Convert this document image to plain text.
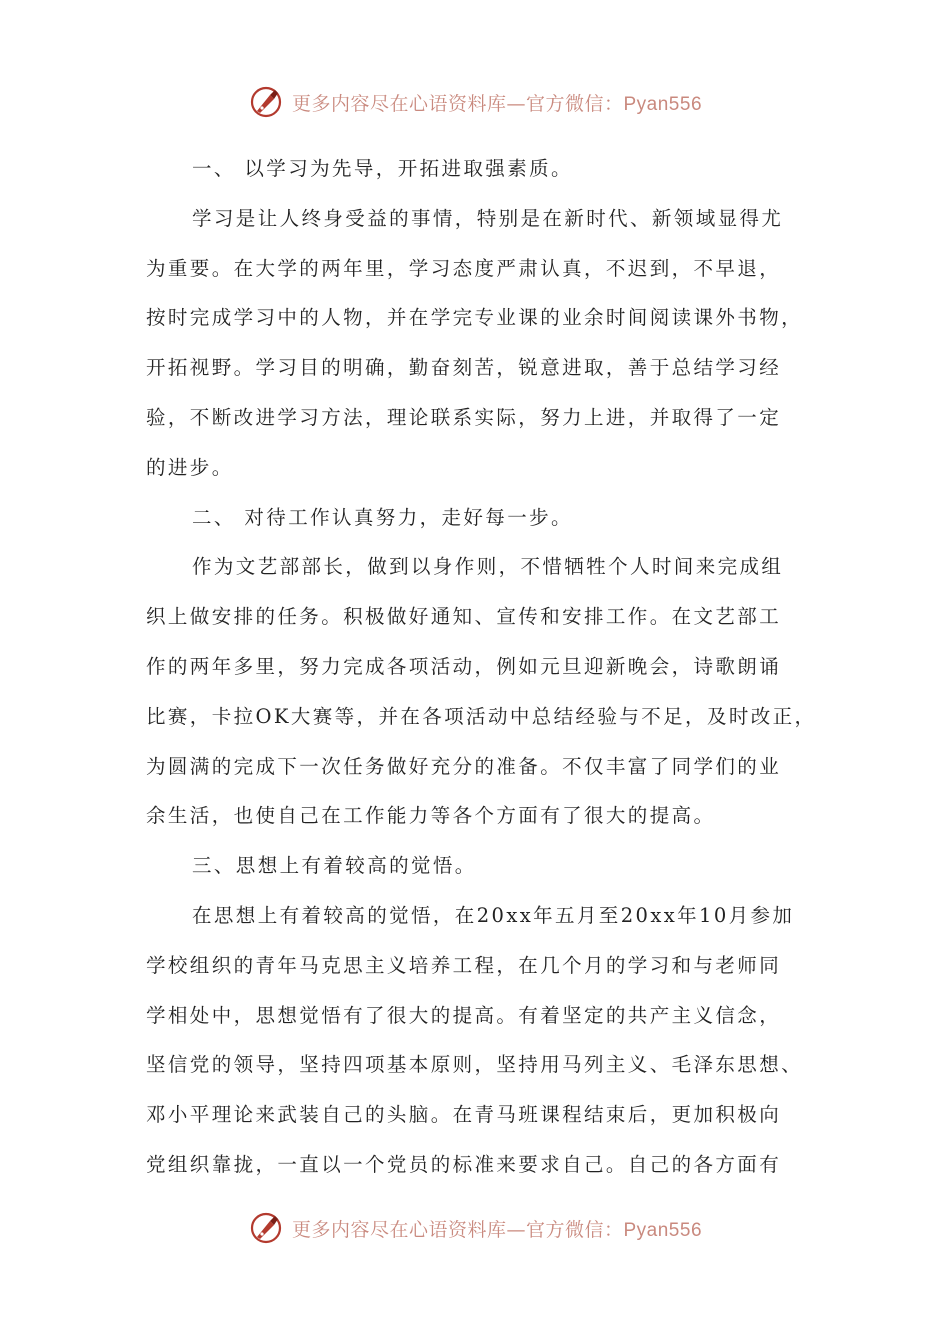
更多内容尽在心语资料库—官方微信：Pyan556
一、 以学习为先导，开拓进取强素质。
学习是让人终身受益的事情，特别是在新时代、新领域显得尤
为重要。在大学的两年里，学习态度严肃认真，不迟到，不早退，
按时完成学习中的人物，并在学完专业课的业余时间阅读课外书物，
开拓视野。学习目的明确，勤奋刻苦，锐意进取，善于总结学习经
验，不断改进学习方法，理论联系实际，努力上进，并取得了一定
的进步。
二、 对待工作认真努力，走好每一步。
作为文艺部部长，做到以身作则，不惜牺牲个人时间来完成组
织上做安排的任务。积极做好通知、宣传和安排工作。在文艺部工
作的两年多里，努力完成各项活动，例如元旦迎新晚会，诗歌朗诵
比赛，卡拉OK大赛等，并在各项活动中总结经验与不足，及时改正，
为圆满的完成下一次任务做好充分的准备。不仅丰富了同学们的业
余生活，也使自己在工作能力等各个方面有了很大的提高。
三、思想上有着较高的觉悟。
在思想上有着较高的觉悟，在20xx年五月至20xx年10月参加
学校组织的青年马克思主义培养工程，在几个月的学习和与老师同
学相处中，思想觉悟有了很大的提高。有着坚定的共产主义信念，
坚信党的领导，坚持四项基本原则，坚持用马列主义、毛泽东思想、
邓小平理论来武装自己的头脑。在青马班课程结束后，更加积极向
党组织靠拢，一直以一个党员的标准来要求自己。自己的各方面有
更多内容尽在心语资料库—官方微信：Pyan556
